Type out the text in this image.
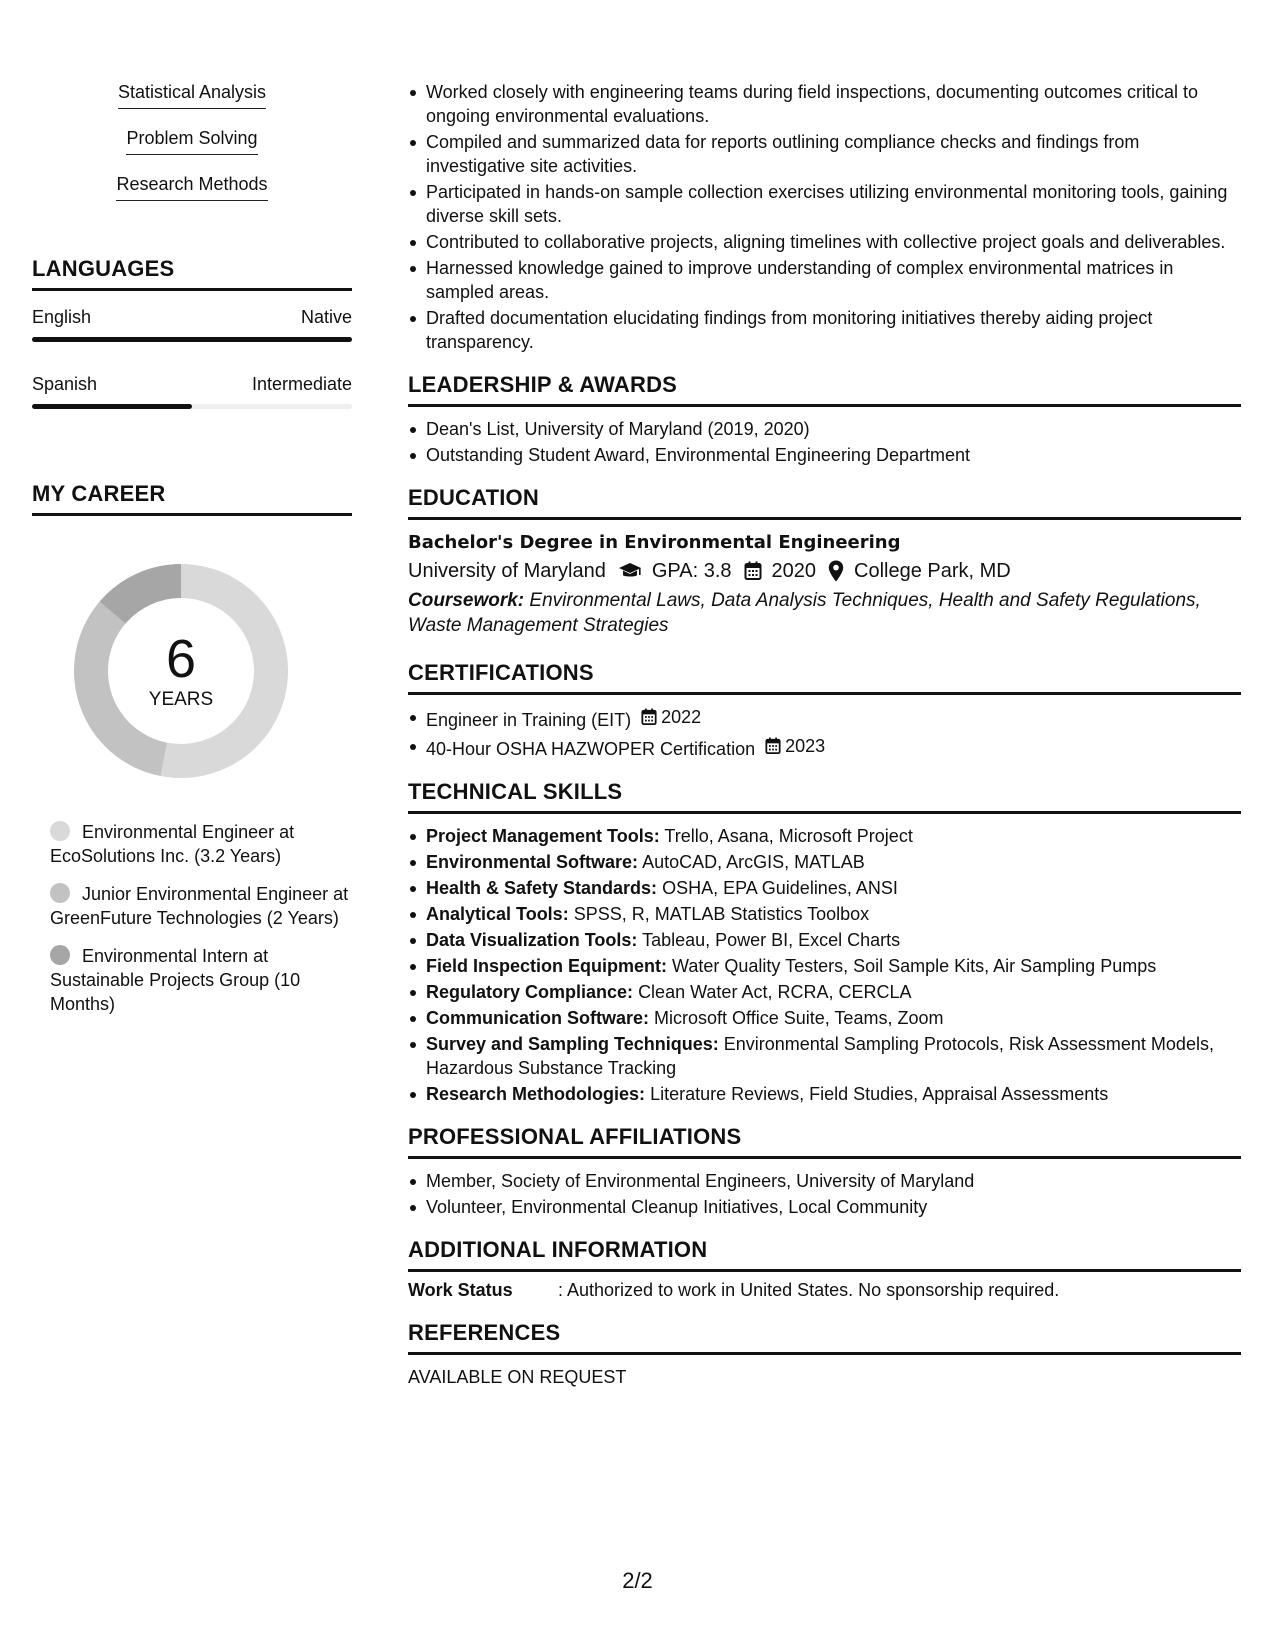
Statistical Analysis
Problem Solving
Research Methods
LANGUAGES
English	Native
Spanish	Intermediate
MY CAREER
6
YEARS
Environmental Engineer at EcoSolutions Inc. (3.2 Years)
Junior Environmental Engineer at GreenFuture Technologies (2 Years)
Environmental Intern at Sustainable Projects Group (10 Months)
Worked closely with engineering teams during field inspections, documenting outcomes critical to ongoing environmental evaluations.
Compiled and summarized data for reports outlining compliance checks and findings from investigative site activities.
Participated in hands-on sample collection exercises utilizing environmental monitoring tools, gaining diverse skill sets.
Contributed to collaborative projects, aligning timelines with collective project goals and deliverables.
Harnessed knowledge gained to improve understanding of complex environmental matrices in sampled areas.
Drafted documentation elucidating findings from monitoring initiatives thereby aiding project transparency.
LEADERSHIP & AWARDS
Dean's List, University of Maryland (2019, 2020)
Outstanding Student Award, Environmental Engineering Department
EDUCATION
Bachelor's Degree in Environmental Engineering
University of Maryland GPA: 3.8 2020 College Park, MD
Coursework: Environmental Laws, Data Analysis Techniques, Health and Safety Regulations, Waste Management Strategies
CERTIFICATIONS
Engineer in Training (EIT) 2022
40-Hour OSHA HAZWOPER Certification 2023
TECHNICAL SKILLS
Project Management Tools: Trello, Asana, Microsoft Project
Environmental Software: AutoCAD, ArcGIS, MATLAB
Health & Safety Standards: OSHA, EPA Guidelines, ANSI
Analytical Tools: SPSS, R, MATLAB Statistics Toolbox
Data Visualization Tools: Tableau, Power BI, Excel Charts
Field Inspection Equipment: Water Quality Testers, Soil Sample Kits, Air Sampling Pumps
Regulatory Compliance: Clean Water Act, RCRA, CERCLA
Communication Software: Microsoft Office Suite, Teams, Zoom
Survey and Sampling Techniques: Environmental Sampling Protocols, Risk Assessment Models, Hazardous Substance Tracking
Research Methodologies: Literature Reviews, Field Studies, Appraisal Assessments
PROFESSIONAL AFFILIATIONS
Member, Society of Environmental Engineers, University of Maryland
Volunteer, Environmental Cleanup Initiatives, Local Community
ADDITIONAL INFORMATION
Work Status	: Authorized to work in United States. No sponsorship required.
REFERENCES
AVAILABLE ON REQUEST
2/2
